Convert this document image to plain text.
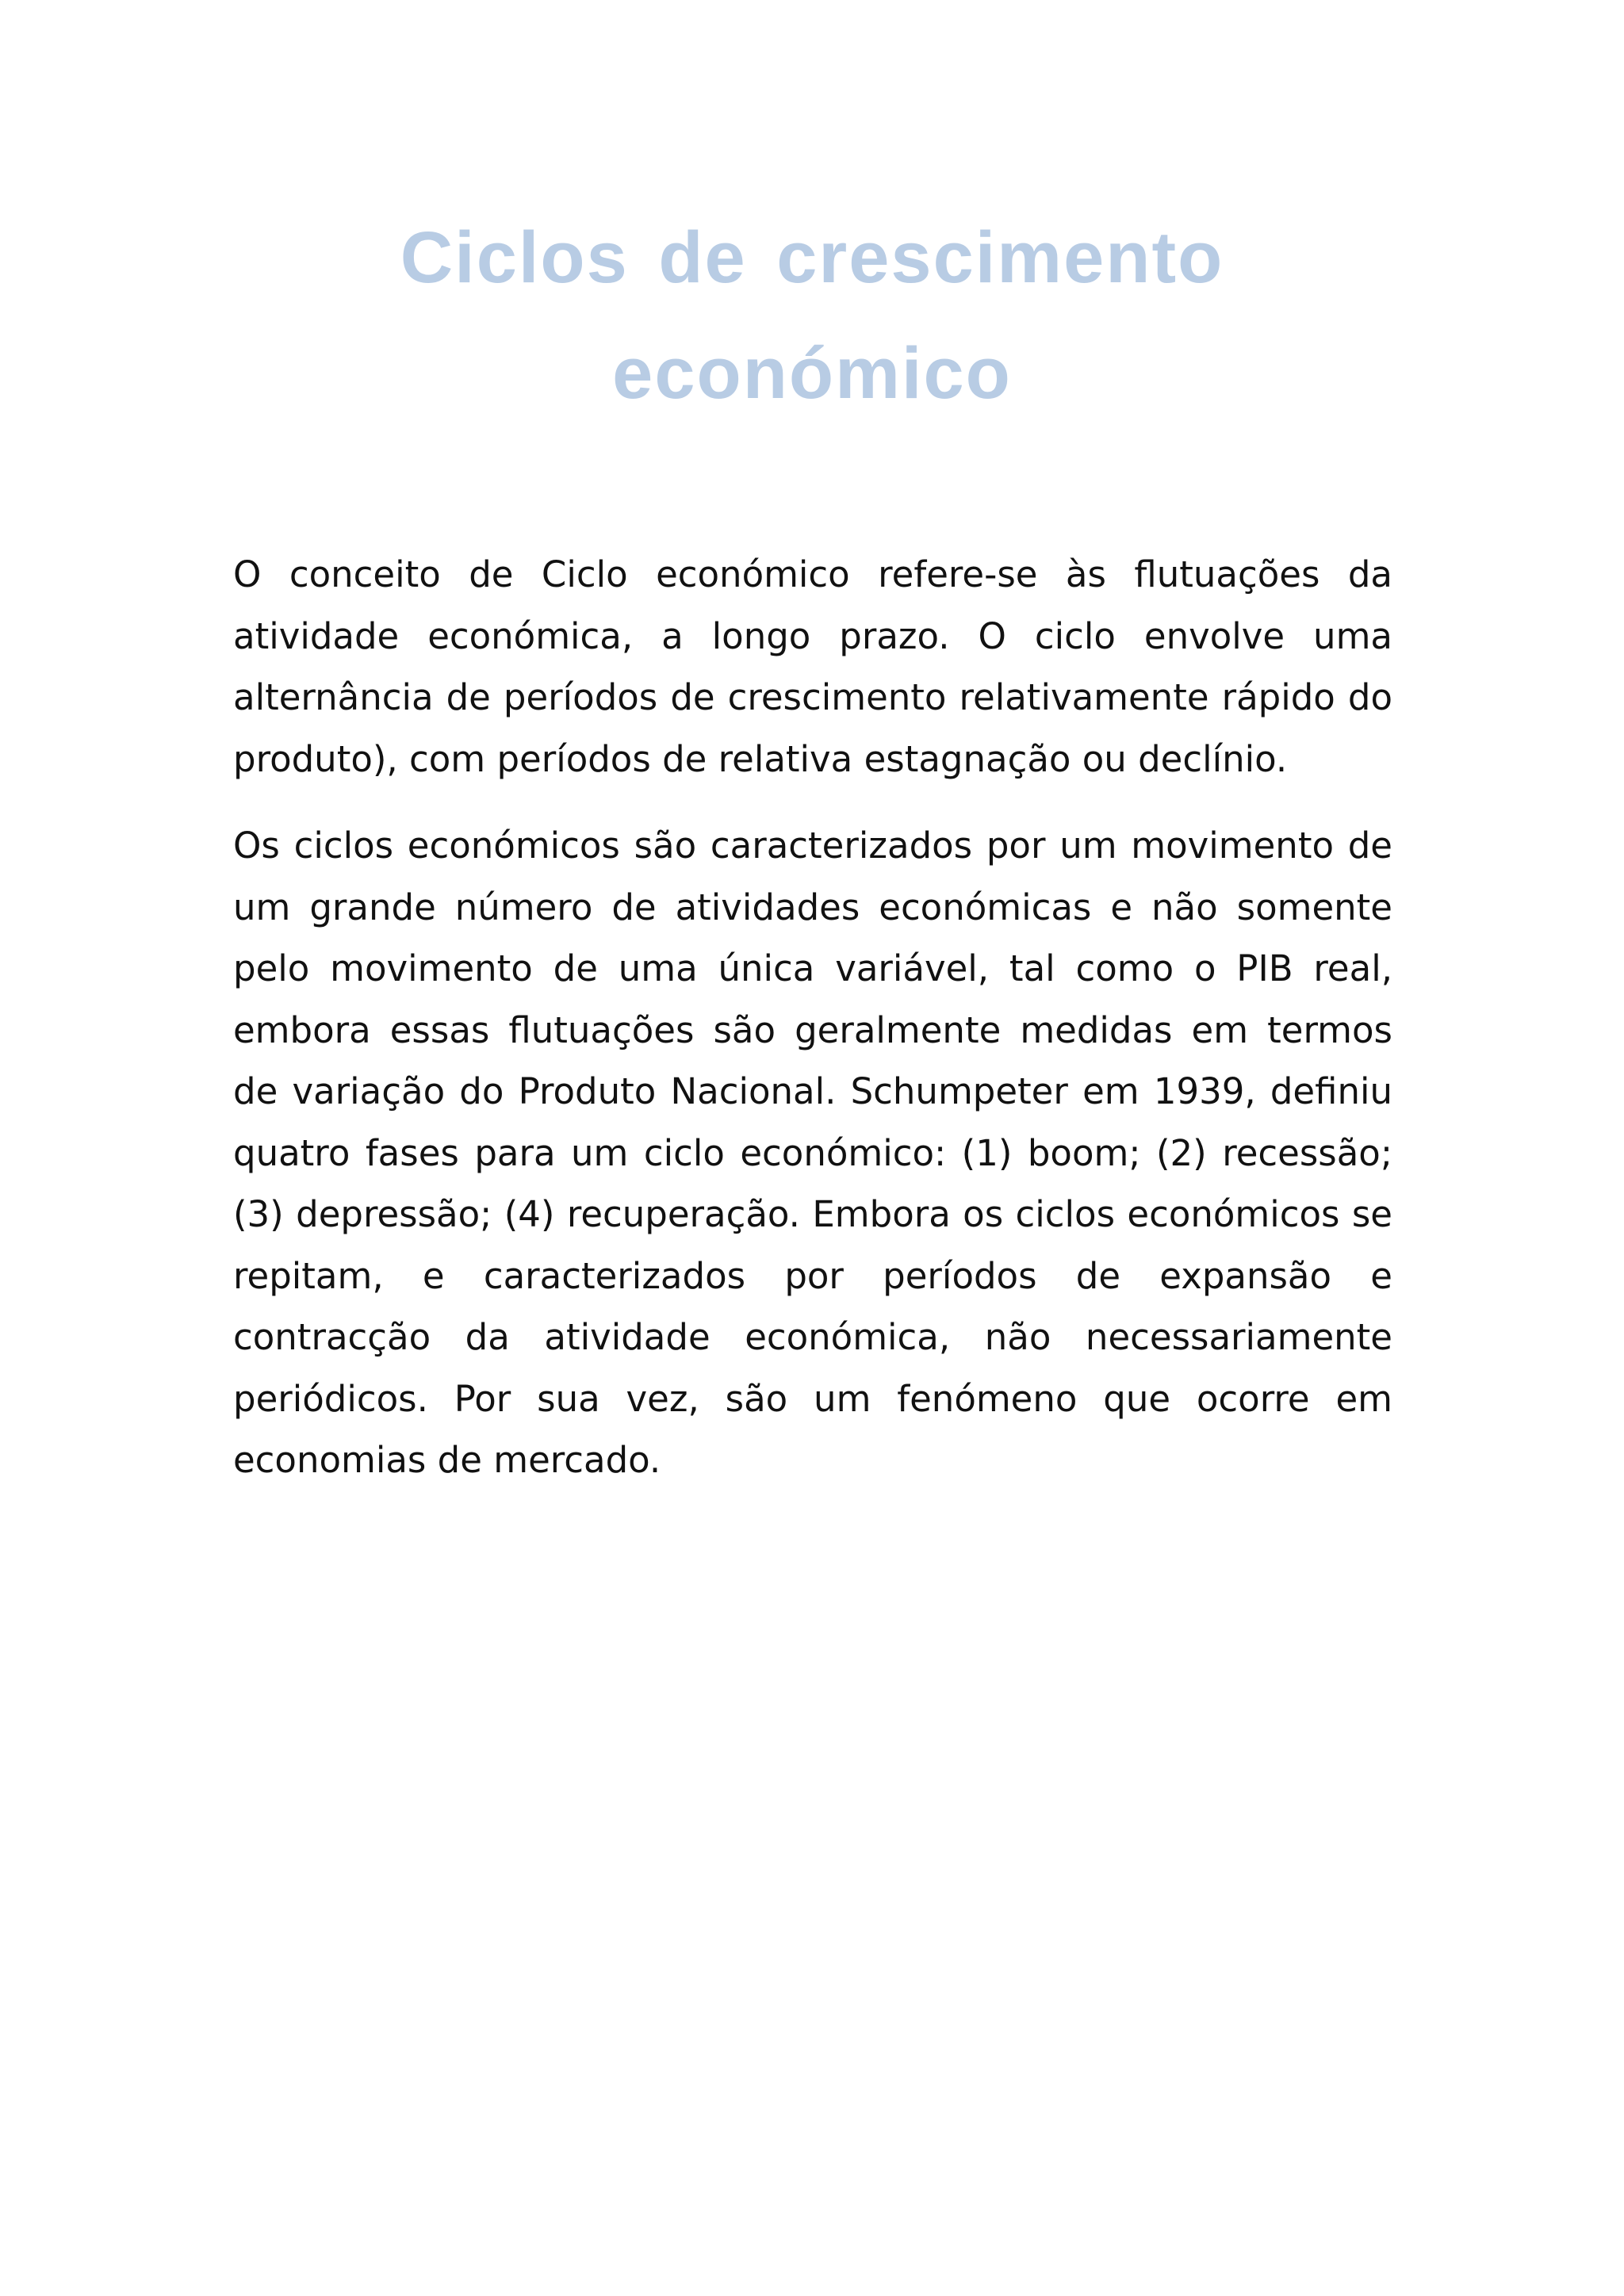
Ciclos de crescimento
económico

O conceito de Ciclo económico refere-se às flutuações da atividade económica, a longo prazo. O ciclo envolve uma alternância de períodos de crescimento relativamente rápido do produto), com períodos de relativa estagnação ou declínio.

Os ciclos económicos são caracterizados por um movimento de um grande número de atividades económicas e não somente pelo movimento de uma única variável, tal como o PIB real, embora essas flutuações são geralmente medidas em termos de variação do Produto Nacional. Schumpeter em 1939, definiu quatro fases para um ciclo económico: (1) boom; (2) recessão; (3) depressão; (4) recuperação. Embora os ciclos económicos se repitam, e caracterizados por períodos de expansão e contracção da atividade económica, não necessariamente periódicos. Por sua vez, são um fenómeno que ocorre em economias de mercado.
